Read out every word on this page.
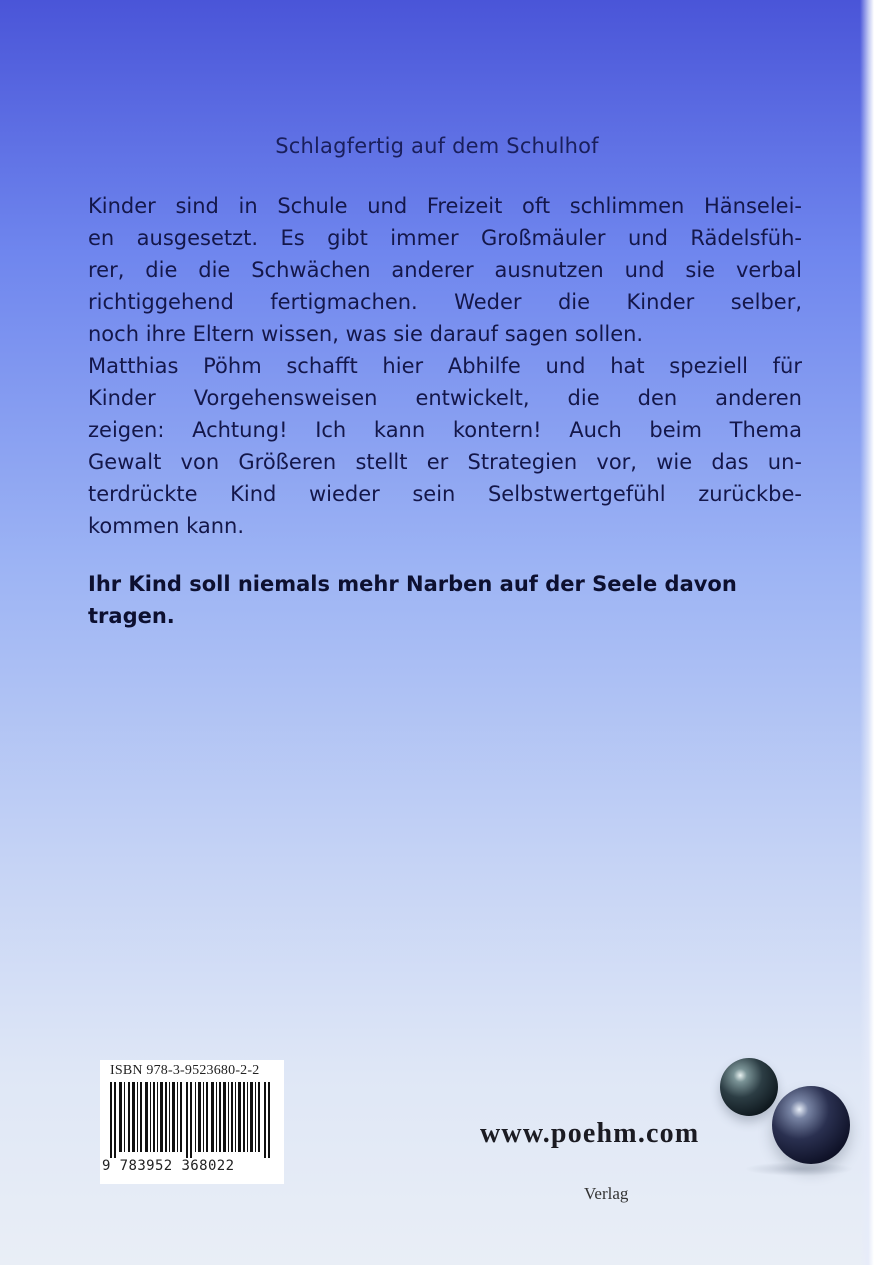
Schlagfertig auf dem Schulhof

Kinder sind in Schule und Freizeit oft schlimmen Hänselei-

en ausgesetzt. Es gibt immer Großmäuler und Rädelsfüh-

rer, die die Schwächen anderer ausnutzen und sie verbal

richtiggehend fertigmachen. Weder die Kinder selber,

noch ihre Eltern wissen, was sie darauf sagen sollen.

Matthias Pöhm schafft hier Abhilfe und hat speziell für

Kinder Vorgehensweisen entwickelt, die den anderen

zeigen: Achtung! Ich kann kontern! Auch beim Thema

Gewalt von Größeren stellt er Strategien vor, wie das un-

terdrückte Kind wieder sein Selbstwertgefühl zurückbe-

kommen kann.

Ihr Kind soll niemals mehr Narben auf der Seele davon
tragen.
ISBN 978-3-9523680-2-2
9 783952 368022
www.poehm.com
Verlag
